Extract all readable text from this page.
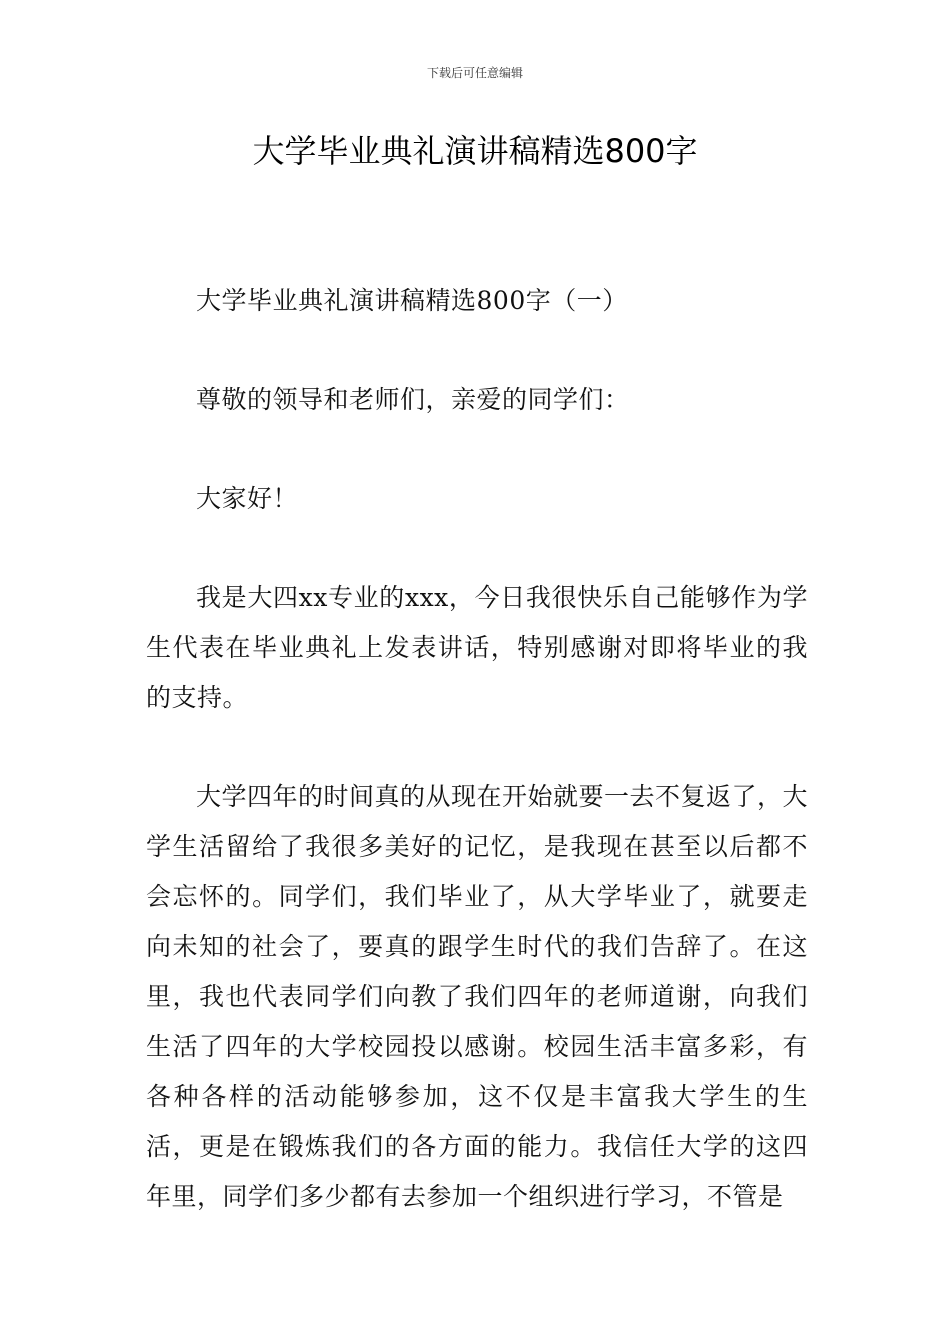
下载后可任意编辑
大学毕业典礼演讲稿精选800字

大学毕业典礼演讲稿精选800字（一）

尊敬的领导和老师们，亲爱的同学们：

大家好！

我是大四xx专业的xxx，今日我很快乐自己能够作为学生代表在毕业典礼上发表讲话，特别感谢对即将毕业的我的支持。

大学四年的时间真的从现在开始就要一去不复返了，大学生活留给了我很多美好的记忆，是我现在甚至以后都不会忘怀的。同学们，我们毕业了，从大学毕业了，就要走向未知的社会了，要真的跟学生时代的我们告辞了。在这里，我也代表同学们向教了我们四年的老师道谢，向我们生活了四年的大学校园投以感谢。校园生活丰富多彩，有各种各样的活动能够参加，这不仅是丰富我大学生的生活，更是在锻炼我们的各方面的能力。我信任大学的这四年里，同学们多少都有去参加一个组织进行学习，不管是
